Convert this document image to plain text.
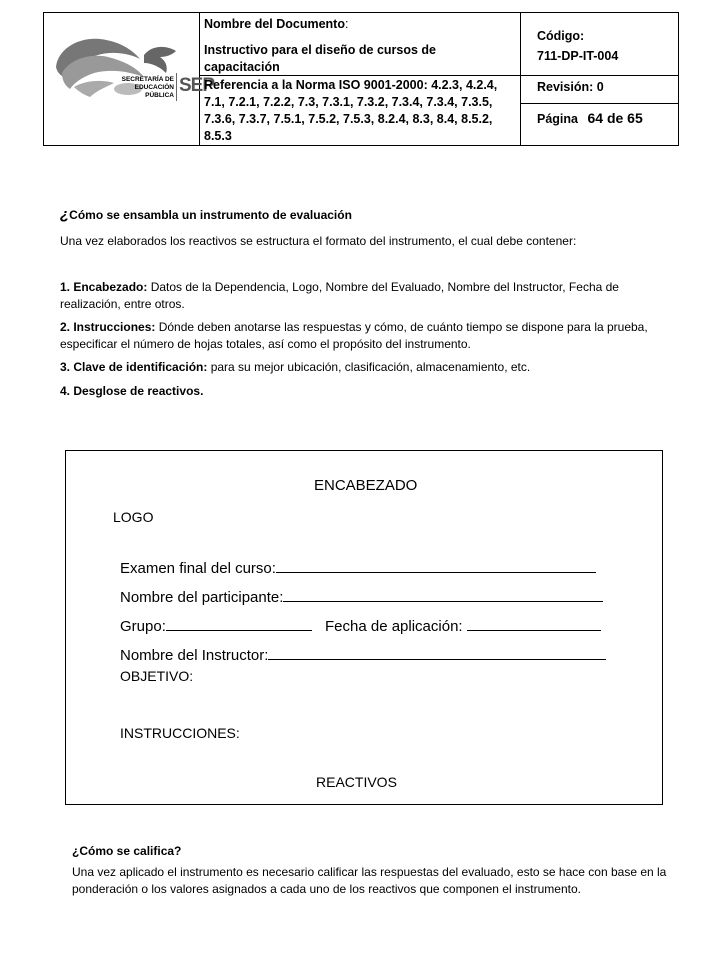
SECRETARÍA DE
EDUCACIÓN
PÚBLICA SEP
Nombre del Documento:
Instructivo para el diseño de cursos de capacitación
Referencia a la Norma ISO 9001-2000: 4.2.3, 4.2.4, 7.1, 7.2.1, 7.2.2, 7.3, 7.3.1, 7.3.2, 7.3.4, 7.3.4, 7.3.5, 7.3.6, 7.3.7, 7.5.1, 7.5.2, 7.5.3, 8.2.4, 8.3, 8.4, 8.5.2, 8.5.3
Código:
711-DP-IT-004
Revisión: 0
Página 64 de 65
¿Cómo se ensambla un instrumento de evaluación
Una vez elaborados los reactivos se estructura el formato del instrumento, el cual debe contener:
1. Encabezado: Datos de la Dependencia, Logo, Nombre del Evaluado, Nombre del Instructor, Fecha de realización, entre otros.
2. Instrucciones: Dónde deben anotarse las respuestas y cómo, de cuánto tiempo se dispone para la prueba, especificar el número de hojas totales, así como el propósito del instrumento.
3. Clave de identificación: para su mejor ubicación, clasificación, almacenamiento, etc.
4. Desglose de reactivos.
ENCABEZADO
LOGO
Examen final del curso:
Nombre del participante:
Grupo:	Fecha de aplicación:
Nombre del Instructor:
OBJETIVO:
INSTRUCCIONES:
REACTIVOS
¿Cómo se califica?
Una vez aplicado el instrumento es necesario calificar las respuestas del evaluado, esto se hace con base en la ponderación o los valores asignados a cada uno de los reactivos que componen el instrumento.
